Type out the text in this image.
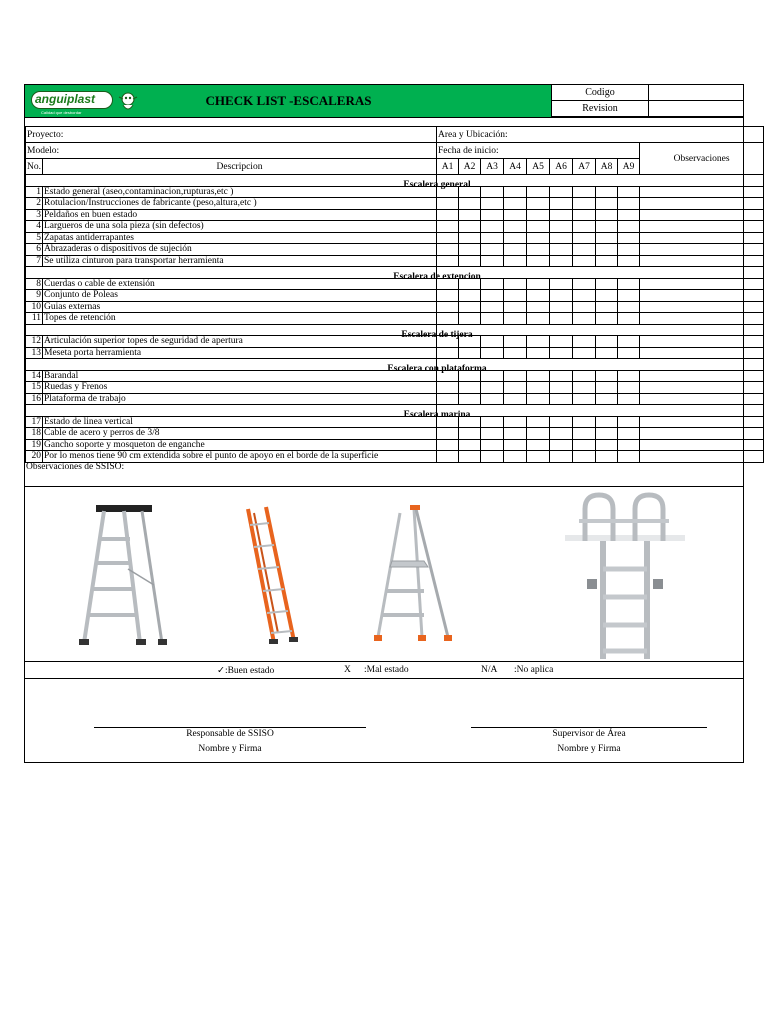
anguiplast
Calidad que desbordar
CHECK LIST -ESCALERAS
Codigo
Revision
Proyecto:		Area y Ubicación:									
Modelo:		Fecha de inicio:									Observaciones
No.	Descripcion	A1	A2	A3	A4	A5	A6	A7	A8	A9	

		Escalera general									

1	Estado general (aseo,contaminacion,rupturas,etc )										
2	Rotulacion/Instrucciones de fabricante (peso,altura,etc )										
3	Peldaños en buen estado										
4	Largueros de una sola pieza (sin defectos)										
5	Zapatas antiderrapantes										
6	Abrazaderas o dispositivos de sujeción										
7	Se utiliza cinturon para transportar herramienta										

		Escalera de extencion									

8	Cuerdas o cable de extensión										
9	Conjunto de Poleas										
10	Guias externas										
11	Topes de retención										

		Escalera de tijera									

12	Articulación superior topes de seguridad de apertura										
13	Meseta porta herramienta										

		Escalera con plataforma									

14	Barandal										
15	Ruedas y Frenos										
16	Plataforma de trabajo										

		Escalera marina									

17	Estado de linea vertical										
18	Cable de acero y perros de 3/8										
19	Gancho soporte y mosqueton de enganche										
20	Por lo menos tiene 90 cm extendida sobre el punto de apoyo en el borde de la superficie										
Observaciones de SSISO:
✓:Buen estado	X :Mal estado	N/A :No aplica
Responsable de SSISO
Nombre y Firma
Supervisor de Área
Nombre y Firma
